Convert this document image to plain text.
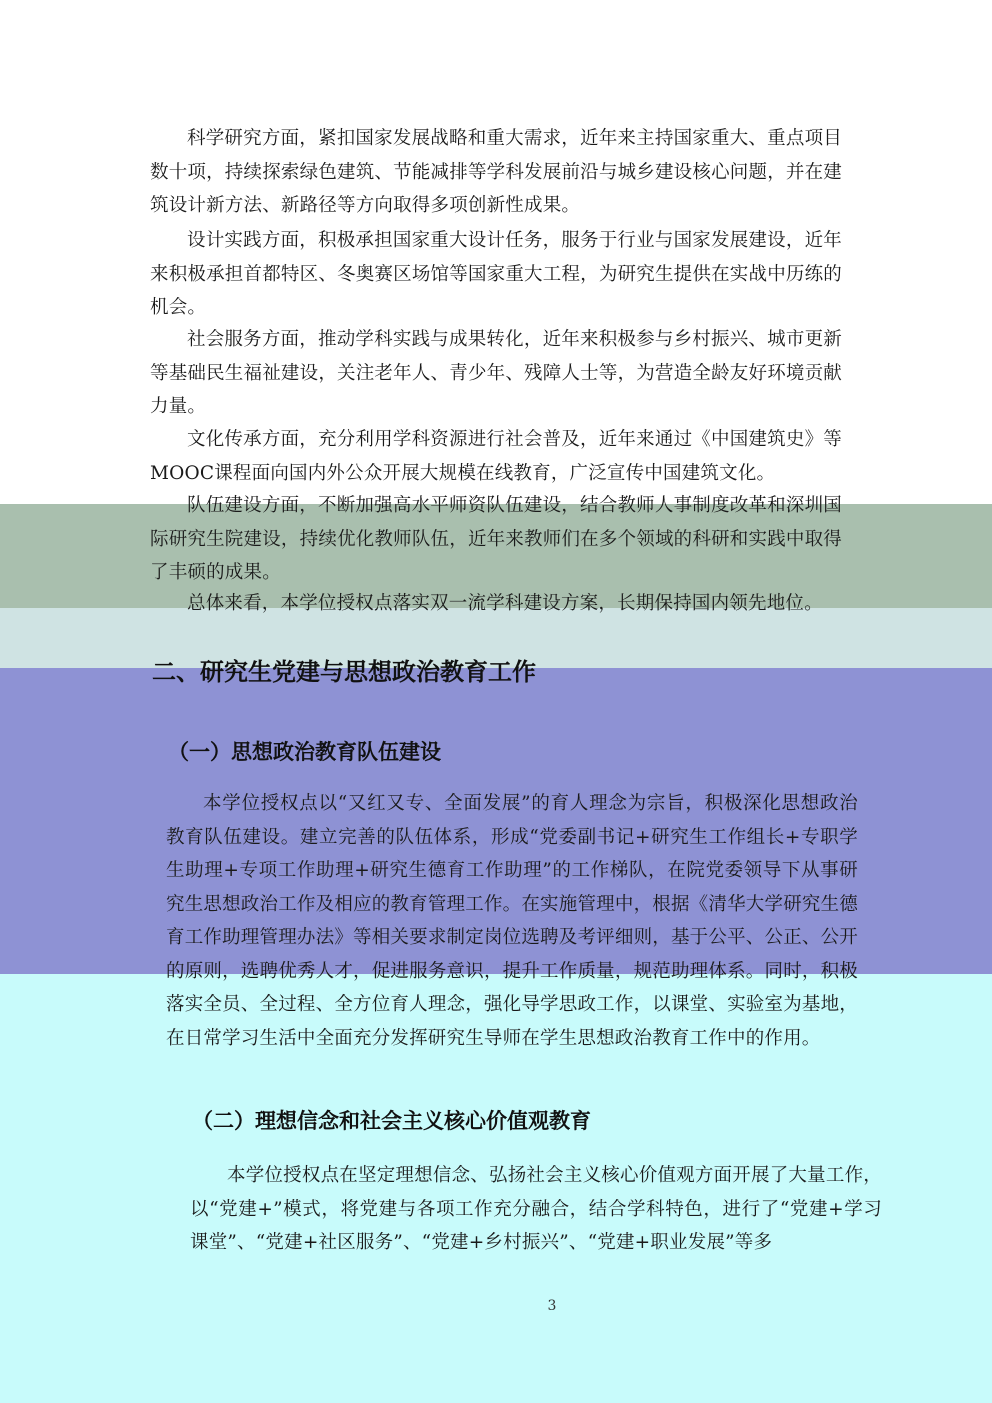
科学研究方面，紧扣国家发展战略和重大需求，近年来主持国家重大、重点项目数十项，持续探索绿色建筑、节能减排等学科发展前沿与城乡建设核心问题，并在建筑设计新方法、新路径等方向取得多项创新性成果。

设计实践方面，积极承担国家重大设计任务，服务于行业与国家发展建设，近年来积极承担首都特区、冬奥赛区场馆等国家重大工程，为研究生提供在实战中历练的机会。

社会服务方面，推动学科实践与成果转化，近年来积极参与乡村振兴、城市更新等基础民生福祉建设，关注老年人、青少年、残障人士等，为营造全龄友好环境贡献力量。

文化传承方面，充分利用学科资源进行社会普及，近年来通过《中国建筑史》等MOOC课程面向国内外公众开展大规模在线教育，广泛宣传中国建筑文化。

队伍建设方面，不断加强高水平师资队伍建设，结合教师人事制度改革和深圳国际研究生院建设，持续优化教师队伍，近年来教师们在多个领域的科研和实践中取得了丰硕的成果。

总体来看，本学位授权点落实双一流学科建设方案，长期保持国内领先地位。

二、研究生党建与思想政治教育工作
（一）思想政治教育队伍建设

本学位授权点以“又红又专、全面发展”的育人理念为宗旨，积极深化思想政治教育队伍建设。建立完善的队伍体系，形成“党委副书记+研究生工作组长+专职学生助理+专项工作助理+研究生德育工作助理”的工作梯队，在院党委领导下从事研究生思想政治工作及相应的教育管理工作。在实施管理中，根据《清华大学研究生德育工作助理管理办法》等相关要求制定岗位选聘及考评细则，基于公平、公正、公开的原则，选聘优秀人才，促进服务意识，提升工作质量，规范助理体系。同时，积极落实全员、全过程、全方位育人理念，强化导学思政工作，以课堂、实验室为基地，在日常学习生活中全面充分发挥研究生导师在学生思想政治教育工作中的作用。

（二）理想信念和社会主义核心价值观教育

本学位授权点在坚定理想信念、弘扬社会主义核心价值观方面开展了大量工作，以“党建+”模式，将党建与各项工作充分融合，结合学科特色，进行了“党建+学习课堂”、“党建+社区服务”、“党建+乡村振兴”、“党建+职业发展”等多

3
